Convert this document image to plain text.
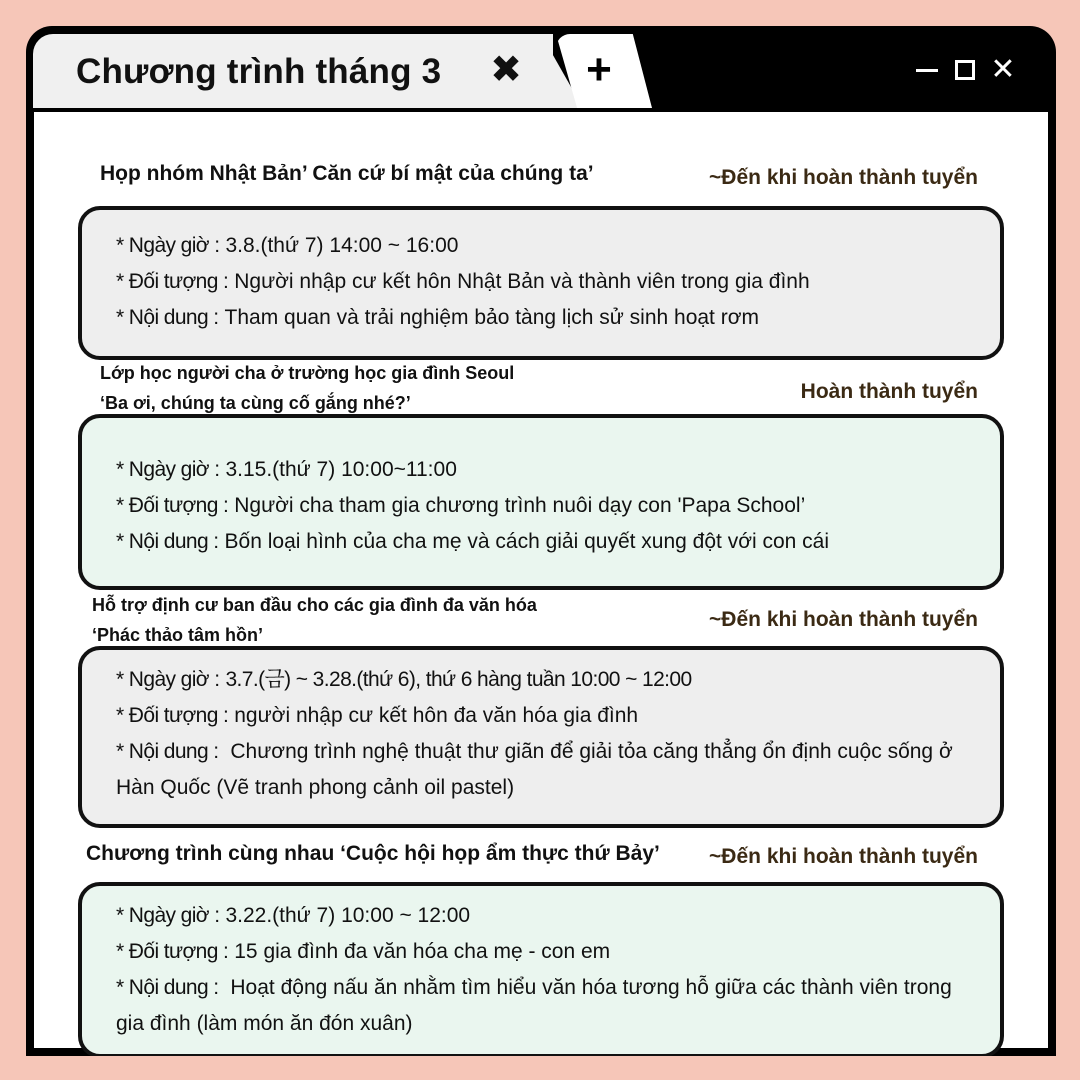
Chương trình tháng 3 ✖ +	✕
Họp nhóm Nhật Bản’ Căn cứ bí mật của chúng ta’	~Đến khi hoàn thành tuyển
* Ngày giờ : 3.8.(thứ 7) 14:00 ~ 16:00
* Đối tượng : Người nhập cư kết hôn Nhật Bản và thành viên trong gia đình
* Nội dung : Tham quan và trải nghiệm bảo tàng lịch sử sinh hoạt rơm
Lớp học người cha ở trường học gia đình Seoul
‘Ba ơi, chúng ta cùng cố gắng nhé?’	Hoàn thành tuyển
* Ngày giờ : 3.15.(thứ 7) 10:00~11:00
* Đối tượng : Người cha tham gia chương trình nuôi dạy con 'Papa School’
* Nội dung : Bốn loại hình của cha mẹ và cách giải quyết xung đột với con cái
Hỗ trợ định cư ban đầu cho các gia đình đa văn hóa
‘Phác thảo tâm hồn’
~Đến khi hoàn thành tuyển
* Ngày giờ : 3.7.(금) ~ 3.28.(thứ 6), thứ 6 hàng tuần 10:00 ~ 12:00
* Đối tượng : người nhập cư kết hôn đa văn hóa gia đình
* Nội dung : Chương trình nghệ thuật thư giãn để giải tỏa căng thẳng ổn định cuộc sống ở Hàn Quốc (Vẽ tranh phong cảnh oil pastel)
Chương trình cùng nhau ‘Cuộc hội họp ẩm thực thứ Bảy’ ~Đến khi hoàn thành tuyển
* Ngày giờ : 3.22.(thứ 7) 10:00 ~ 12:00
* Đối tượng : 15 gia đình đa văn hóa cha mẹ - con em
* Nội dung : Hoạt động nấu ăn nhằm tìm hiểu văn hóa tương hỗ giữa các thành viên trong gia đình (làm món ăn đón xuân)
